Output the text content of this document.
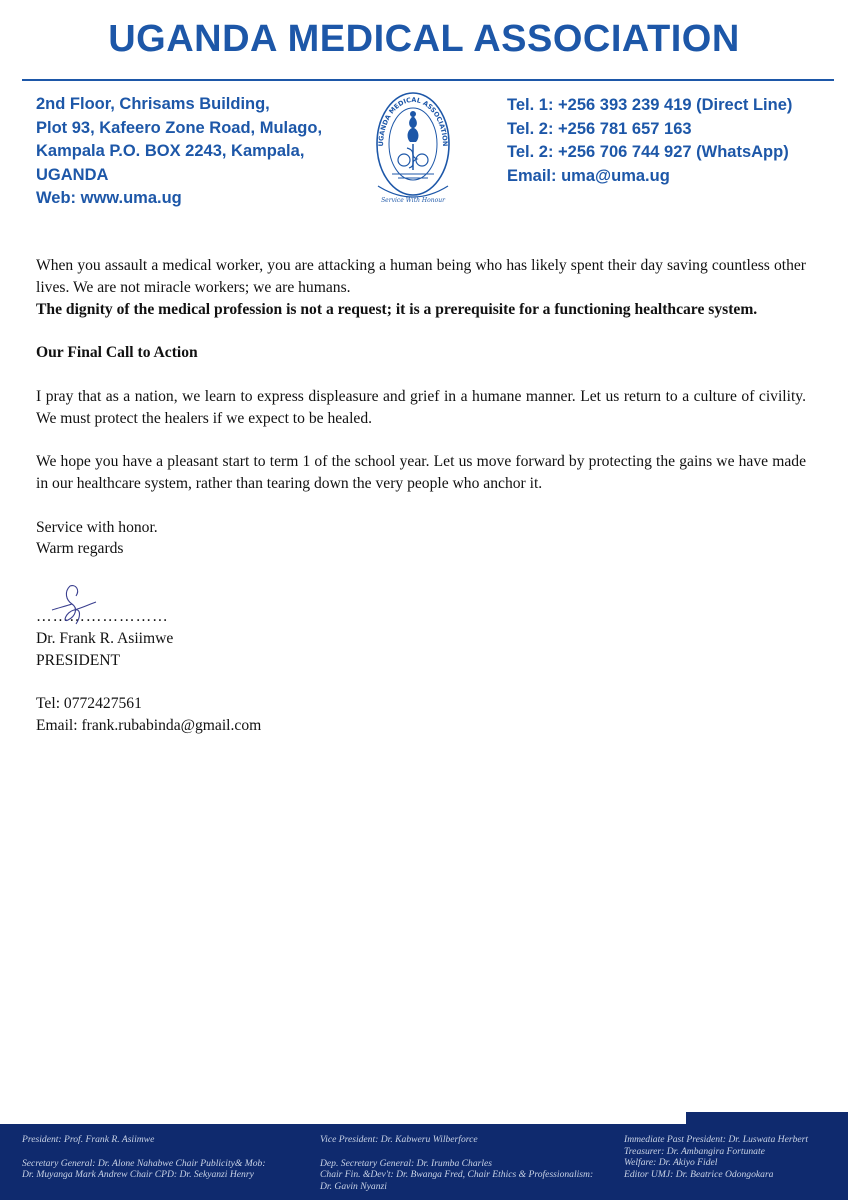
UGANDA MEDICAL ASSOCIATION
2nd Floor, Chrisams Building,
Plot 93, Kafeero Zone Road, Mulago,
Kampala P.O. BOX 2243, Kampala,
UGANDA
Web: www.uma.ug
UGANDA MEDICAL ASSOCIATION
Service With Honour
Tel. 1: +256 393 239 419 (Direct Line)
Tel. 2: +256 781 657 163
Tel. 2: +256 706 744 927 (WhatsApp)
Email: uma@uma.ug

When you assault a medical worker, you are attacking a human being who has likely spent their day saving countless other lives. We are not miracle workers; we are humans.

The dignity of the medical profession is not a request; it is a prerequisite for a functioning healthcare system.

Our Final Call to Action

I pray that as a nation, we learn to express displeasure and grief in a humane manner. Let us return to a culture of civility. We must protect the healers if we expect to be healed.

We hope you have a pleasant start to term 1 of the school year. Let us move forward by protecting the gains we have made in our healthcare system, rather than tearing down the very people who anchor it.

Service with honor.

Warm regards

……………………

Dr. Frank R. Asiimwe

PRESIDENT

Tel: 0772427561

Email: frank.rubabinda@gmail.com

President: Prof. Frank R. Asiimwe
Secretary General: Dr. Alone Nahabwe Chair Publicity& Mob:
Dr. Muyanga Mark Andrew Chair CPD: Dr. Sekyanzi Henry
Vice President: Dr. Kabweru Wilberforce
Dep. Secretary General: Dr. Irumba Charles
Chair Fin. &Dev't: Dr. Bwanga Fred, Chair Ethics & Professionalism:
Dr. Gavin Nyanzi
Immediate Past President: Dr. Luswata Herbert
Treasurer: Dr. Ambangira Fortunate
Welfare: Dr. Akiyo Fidel
Editor UMJ: Dr. Beatrice Odongokara
